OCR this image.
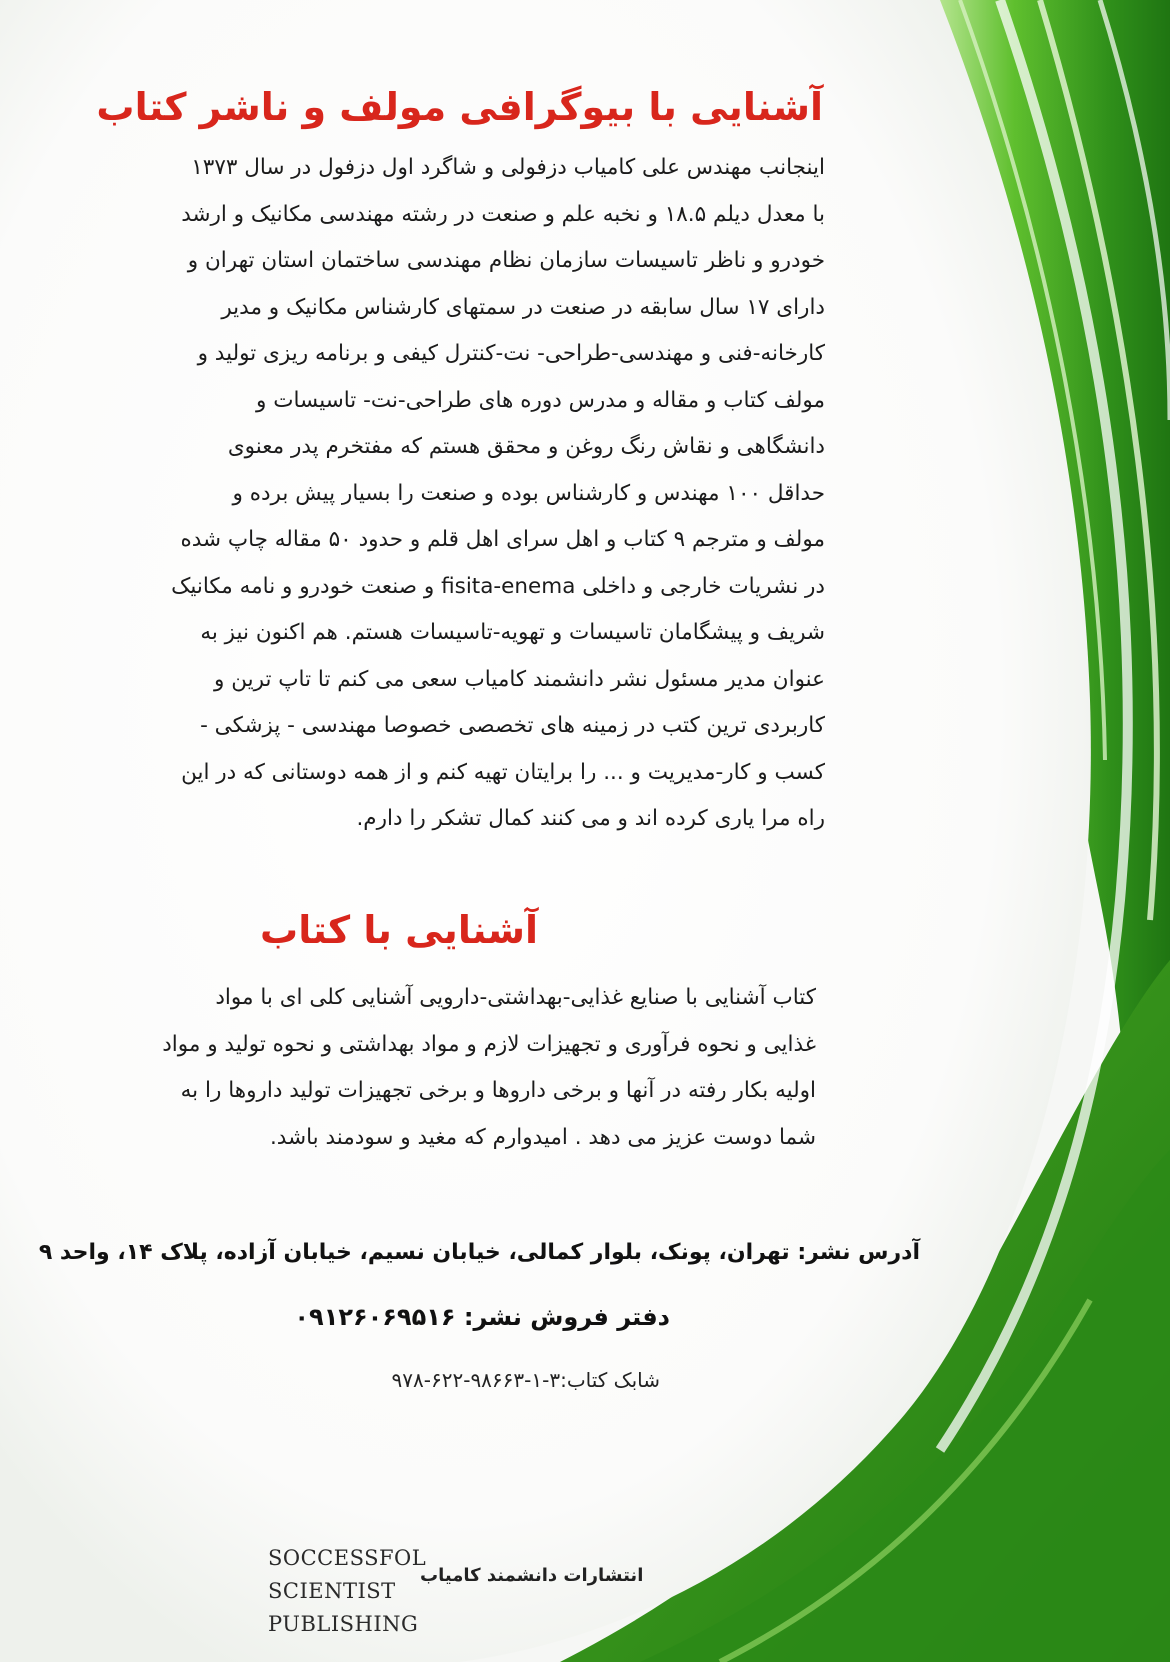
آشنایی با بیوگرافی مولف و ناشر کتاب
اینجانب مهندس علی کامیاب دزفولی و شاگرد اول دزفول در سال ۱۳۷۳
با معدل دیلم ۱۸.۵ و نخبه علم و صنعت در رشته مهندسی مکانیک و ارشد
خودرو و ناظر تاسیسات سازمان نظام مهندسی ساختمان استان تهران و
دارای ۱۷ سال سابقه در صنعت در سمتهای کارشناس مکانیک و مدیر
کارخانه-فنی و مهندسی-طراحی- نت-کنترل کیفی و برنامه ریزی تولید و
مولف کتاب و مقاله و مدرس دوره های طراحی-نت- تاسیسات و
دانشگاهی و نقاش رنگ روغن و محقق هستم که مفتخرم پدر معنوی
حداقل ۱۰۰ مهندس و کارشناس بوده و صنعت را بسیار پیش برده و
مولف و مترجم ۹ کتاب و اهل سرای اهل قلم و حدود ۵۰ مقاله چاپ شده
در نشریات خارجی و داخلی fisita-enema و صنعت خودرو و نامه مکانیک
شریف و پیشگامان تاسیسات و تهویه-تاسیسات هستم. هم اکنون نیز به
عنوان مدیر مسئول نشر دانشمند کامیاب سعی می کنم تا تاپ ترین و
کاربردی ترین کتب در زمینه های تخصصی خصوصا مهندسی - پزشکی -
کسب و کار-مدیریت و ... را برایتان تهیه کنم و از همه دوستانی که در این
راه مرا یاری کرده اند و می کنند کمال تشکر را دارم.
آشنایی با کتاب
کتاب آشنایی با صنایع غذایی-بهداشتی-دارویی آشنایی کلی ای با مواد
غذایی و نحوه فرآوری و تجهیزات لازم و مواد بهداشتی و نحوه تولید و مواد
اولیه بکار رفته در آنها و برخی داروها و برخی تجهیزات تولید داروها را به
شما دوست عزیز می دهد . امیدوارم که مغید و سودمند باشد.

آدرس نشر: تهران، پونک، بلوار کمالی، خیابان نسیم، خیابان آزاده، پلاک ۱۴، واحد ۹

دفتر فروش نشر: ۰۹۱۲۶۰۶۹۵۱۶

شابک کتاب:۳-۱-۹۸۶۶۳-۶۲۲-۹۷۸

SOCCESSFOL
SCIENTIST
PUBLISHING
انتشارات دانشمند کامیاب
